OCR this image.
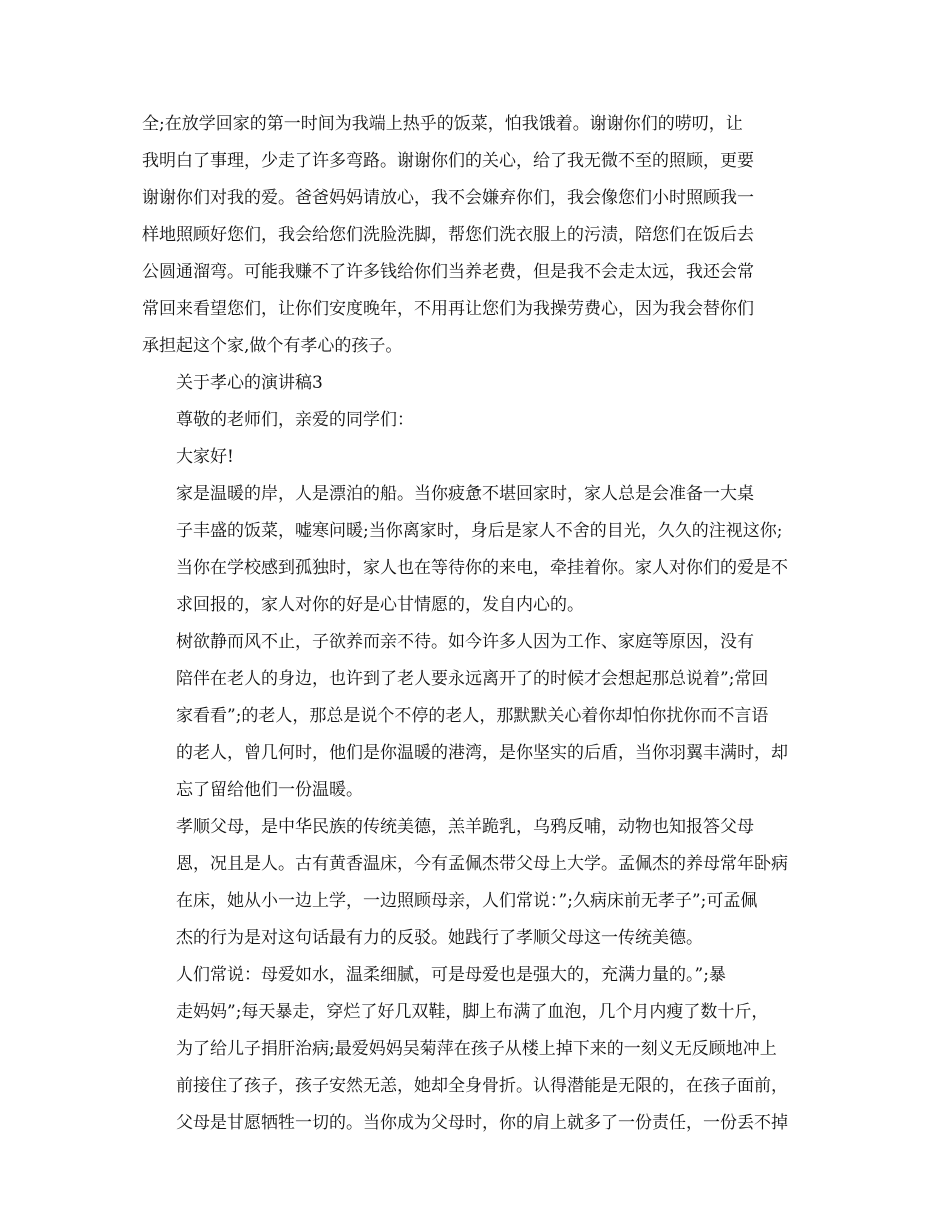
全;在放学回家的第一时间为我端上热乎的饭菜，怕我饿着。谢谢你们的唠叨，让
我明白了事理，少走了许多弯路。谢谢你们的关心，给了我无微不至的照顾，更要
谢谢你们对我的爱。爸爸妈妈请放心，我不会嫌弃你们，我会像您们小时照顾我一
样地照顾好您们，我会给您们洗脸洗脚，帮您们洗衣服上的污渍，陪您们在饭后去
公圆通溜弯。可能我赚不了许多钱给你们当养老费，但是我不会走太远，我还会常
常回来看望您们，让你们安度晚年，不用再让您们为我操劳费心，因为我会替你们
承担起这个家,做个有孝心的孩子。
关于孝心的演讲稿3
尊敬的老师们，亲爱的同学们：
大家好!
家是温暖的岸，人是漂泊的船。当你疲惫不堪回家时，家人总是会准备一大桌
子丰盛的饭菜，嘘寒问暖;当你离家时，身后是家人不舍的目光，久久的注视这你;
当你在学校感到孤独时，家人也在等待你的来电，牵挂着你。家人对你们的爱是不
求回报的，家人对你的好是心甘情愿的，发自内心的。
树欲静而风不止，子欲养而亲不待。如今许多人因为工作、家庭等原因，没有
陪伴在老人的身边，也许到了老人要永远离开了的时候才会想起那总说着”;常回
家看看”;的老人，那总是说个不停的老人，那默默关心着你却怕你扰你而不言语
的老人，曾几何时，他们是你温暖的港湾，是你坚实的后盾，当你羽翼丰满时，却
忘了留给他们一份温暖。
孝顺父母，是中华民族的传统美德，羔羊跪乳，乌鸦反哺，动物也知报答父母
恩，况且是人。古有黄香温床，今有孟佩杰带父母上大学。孟佩杰的养母常年卧病
在床，她从小一边上学，一边照顾母亲，人们常说：”;久病床前无孝子”;可孟佩
杰的行为是对这句话最有力的反驳。她践行了孝顺父母这一传统美德。
人们常说：母爱如水，温柔细腻，可是母爱也是强大的，充满力量的。”;暴
走妈妈”;每天暴走，穿烂了好几双鞋，脚上布满了血泡，几个月内瘦了数十斤，
为了给儿子捐肝治病;最爱妈妈吴菊萍在孩子从楼上掉下来的一刻义无反顾地冲上
前接住了孩子，孩子安然无恙，她却全身骨折。认得潜能是无限的，在孩子面前，
父母是甘愿牺牲一切的。当你成为父母时，你的肩上就多了一份责任，一份丢不掉
